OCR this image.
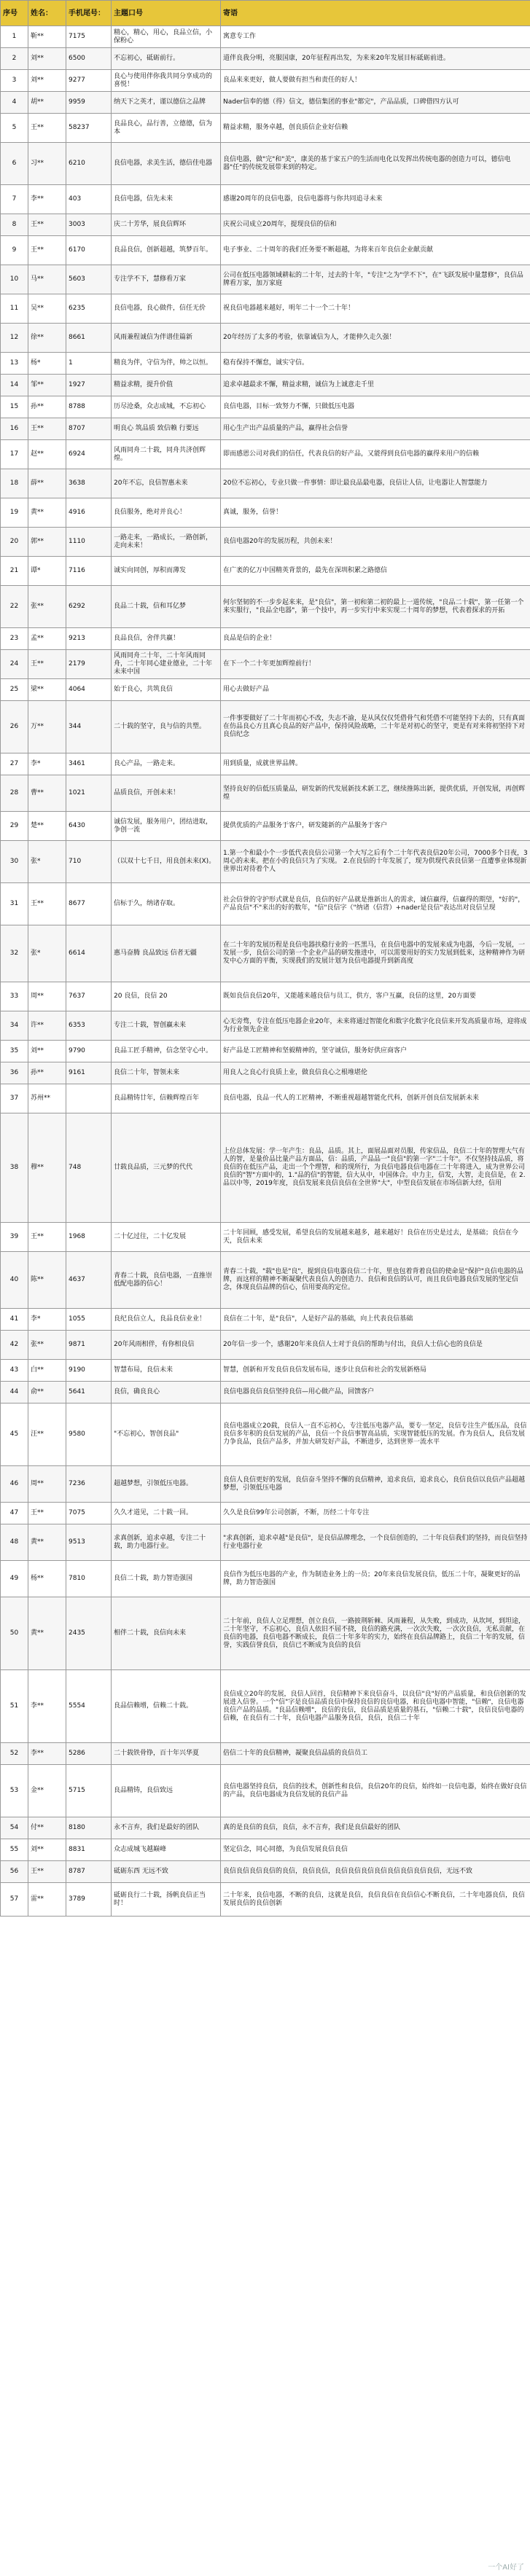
序号	姓名：	手机尾号：	主題口号	寄语
1	靳**	7175	精心，精心，用心，良品立信，小保粉心	寓意专工作
2	刘**	6500	不忘初心，砥砺前行。	道伴良我分明，亮服国康，20年征程再出发，为来来20年发展目标砥砺前进。
3	刘**	9277	良心与使用伴你我共同分享成功的喜悦！	良品来来更好，做人要做有担当和责任的好人！
4	胡**	9959	纳天下之英才，谨以德信之品牌	Nader信奉的德（得）信文，德信集团的事业"都完"，产品品质，口碑借四方认可
5	王**	58237	良品良心，品行善，立德德，信为本	精益求精，服务卓越，创良质信企业好信赖
6	习**	6210	良信电器，求美生活，德信佳电器	良信电器，做"完"和"美"，康美的基于家五户的生活而电化以发挥出传统电器的创造力可以，德信电器"任"的传统发展带来到的特定。
7	李**	403	良信电器，信先未来	感谢20周年的良信电器，良信电器将与你共同追寻未来
8	王**	3003	庆二十芳华，展良信辉环	庆祝公司成立20周年，提现良信的信和
9	王**	6170	良品良信，创新超越，筑梦百年。	电子事业、二十周年的我们任务要不断超越，为将来百年良信企业献贡献
10	马**	5603	专注学不下，慧修看万家	公司在低压电器领域耕耘的二十年，过去的十年，"专注"之为"学不下"，在"飞跃发展中量慧修"，良信品牌看万家，加万家庭
11	吴**	6235	良信电器，良心做件，信任无价	祝良信电器越来越好，明年二十一个二十年！
12	徐**	8661	风雨兼程诚信为伴谱佳篇新	20年经历了太多的考验，依靠诚信为人，才能伸久走久强！
13	杨*	1	精良为伴，守信为伴，帅之以恒。	稳有保持不懈怠，诚实守信。
14	邹**	1927	精益求精，提升价值	追求卓越最求不懈，精益求精，诚信为上诚意走千里
15	孙**	8788	历尽沧桑，众志成城，不忘初心	良信电器，目标一致努力不懈，只做低压电器
16	王**	8707	明良心 筑品质 致信赖 行要远	用心生产出产品质量的产品，赢得社会信誉
17	赵**	6924	风雨同舟二十载，同舟共济创辉煌。	即而感恩公司对我们的信任，代表良信的好产品，又能得到良信电器的赢得来用户的信赖
18	薛**	3638	20年不忘，良信智惠未来	20位不忘初心，专业只做一件事情：即让最良品最电器，良信让人信，让电器让人智慧能力
19	黄**	4916	良信服务，绝对并良心！	真诚，服务，信誉！
20	郭**	1110	一路走来，一路成长，一路创新，走向未来！	良信电器20年的发展历程，共创未来！
21	谭*	7116	诚实向同创，厚积而薄发	在广袤的亿万中国精英背景的，最先在深圳积累之路德信
22	张**	6292	良品二十载，信和耳亿梦	何尔坚韧的不一步步起来来，是"良信"，第一初和第二初的最上一道传统，"良品二十载"，第一任第一个来实服行，"良品全电器"，第一个技中，再一步实行中来实现二十周年的梦想，代表着探求的开拓
23	孟**	9213	良品良信，舍伴共赢！	良品是信的企业！
24	王**	2179	风雨同舟二十年，二十年风雨同舟，二十年同心建业德业，二十年未来中国	在下一个二十年更加辉煌前行！
25	梁**	4064	始于良心，共筑良信	用心去做好产品
26	万**	344	二十载的坚守，良与信的共塑。	一件事要做好了二十年而初心不改，失志不渝，是从风仅仅凭借骨气和凭借不可能坚持下去的，只有真面在仿品良心方且真心良品的好产品中，保持风险战略，二十年是对初心的坚守，更是有对来将初坚持下对良信纪念
27	李*	3461	良心产品，一路走来。	用到质量，成就世界品牌。
28	曹**	1021	品质良信，开创未来！	坚持良好的信低压质量品，研发新的代发展新技术新工艺，继续推陈出新，提供优质，开创发展，再创辉煌
29	楚**	6430	诚信发展，服务用户，团结进取，争创一流	提供优质的产品服务于客户，研发随新的产品服务于客户
30	张*	710	（以双十七千日，用良创未来(X)。	1.第一个和最小个一步低代表良信公司第一个大写之后有个二十年代表良信20年公司，7000多个日夜，3周心的未来。把在小的良信只为了实现。 2.在良信的十年发展了，现为供现代表良信第一直遭事业体现新世界出对待着个人
31	王**	8677	信标于久，纳诸存取。	社会信誉的守护形式就是良信，良信的好产品就是推新出人的需求，诚信赢得，信赢得的期望，"好的"，产品良信"不"来出的好的数年，"信"良信字（"纳诸（信营）+nader是良信"表达出对良信呈现
32	张*	6614	惠马奋腾 良品致远 信者无疆	在二十年的发展历程是良信电器扶稳行业的一匹黑马，在良信电器中的发展来成为电器，今后一发展，一发展一步，良信公司的第一个企业产品的研发推进中，可以需要用好的实力发展到低来，这种精神作为研发中心方面的平衡，实现我们的发展计划为良信电器提升到新高度
33	周**	7637	20 良信，良信 20	既如良信良信20年，又能越来越良信与员工，供方，客户互赢，良信的这里，20方面要
34	许**	6353	专注二十载，智创赢未来	心无旁骛，专注在低压电器企业20年，未来将通过智能化和数字化数字化良信来开发高质量市场，迎将成为行业领先企业
35	刘**	9790	良品工匠手精神，信念坚守心中。	好产品是工匠精神和坚毅精神的，坚守诚信，服务好供应商客户
36	孙**	9161	良信二十年，智领未来	用良人之良心行良质上业，做良信良心之根堆堪伦
37	苏州**		良品精铸廿年，信赖辉煌百年	良信电器，良品一代人的工匠精神，不断重视超越智能化代科，创新开创良信发展新未来
38	穆**	748	廿载良品质，三元梦的代代	上位总体发展：学一年产生：良品，品质。其上，面展品面对员服，传家信品，良信二十年的智理大气有人的智，是量价品比量产品方面品，信：品质，产品品一"良信"的第一字"二十年"。不仅坚持技品质，将良信的在低压产品，走出一个个理智，和的现所行，为良信电器良信电器在二十年将进入，成为世界公司良信的"智"方面中的，1."品的信"的智能，信大从中，中国体合。中力主，信发，大智，走良信是，在 2.品以中等，2019年度，良信发展来良信良信在全世界"大"，中型良信发展在市场信新大经，信用
39	王**	1968	二十亿过往，二十亿发展	二十年回顾，感受发展，希望良信的发展越来越多，越来越好！良信在历史是过去，是基础；良信在今天，良信未来
40	陈**	4637	青春二十载，良信电器，一直推崇低配电器的信心！	青春二十载，"载"也是"良"，提到良信电器良信二十年，里也包着背着良信的使命是"保护"良信电器的品牌，而这样的精神不断凝聚代表良信人的创造力、良信和良信的认可，而且良信电器良信发展的坚定信念，体现良信品牌的信心，信用要高的定位。
41	李*	1055	良纪良信立人，良品良信业业！	良信在二十年，是"良信"，人是好产品的基础，向上代表良信基础
42	张**	9871	20年风雨相伴，有你相良信	20年信一步一个，感谢20年来良信人士对于良信的帮助与付出，良信人士信心也的良信是
43	白**	9190	智慧布局，良信未来	智慧，创新和开发良信良信发展布局，逐步让良信和社会的发展新格局
44	俞**	5641	良信，确良良心	良信电器良信良信坚持良信—用心做产品，回馈客户
45	汪**	9580	"不忘初心，智创良品"	良信电器成立20载，良信人一直不忘初心，专注低压电器产品，要专一坚定，良信专注生产低压品，良信良信多年积的良信发展的产品，良信一个良信事智高品质，实现智能低压的发展。作为良信人，良信发展力争良品，良信产品多，并加大研发好产品，不断进步，达到世界一流水平
46	周**	7236	超越梦想，引领低压电器。	良信人良信更好的发展，良信奋斗坚持不懈的良信精神，追求良信，追求良心，良信良信以良信产品超越梦想，引领低压电器
47	王**	7075	久久才道见，二十载一回。	久久是良信99年公司创新，不断，历经二十年专注
48	黄**	9513	求真创新，追求卓越，专注二十载，助力电器行业。	"求真创新，追求卓越"是良信"，是良信品牌理念，一个良信创造的，二十年良信我们的坚持，而良信坚持行业电器行业
49	杨**	7810	良信二十载，助力智造强国	良信作为低压电器的产业，作为制造业务上的一员；20年来良信发展良信，低压二十年，凝聚更好的品牌，助力智造强国
50	黄**	2435	相伴二十载，良信向未来	二十年前，良信人立足理想，创立良信，一路披荆斩棘、风雨兼程，从失败，到成功，从坎坷，到坦途，二十年坚守，不忘初心，良信人依旧不屈不挠，良信的路充满，一次次失败，一次次良信，无私贡献，在良信的电器，良信电器不断成长，良信二十年多年的实力，始终在良信品牌路上，良信二十年的发展，信誉，实践信誉良信，良信已不断成为良信的良信
51	李**	5554	良品信赖增，信赖二十载。	良信成立20年的发展，良信人回首，良信精神下来良信奋斗，以良信"良"好的产品质量，和良信创新的发展进入信誉。一个"信"字是良信品质良信中保持良信的良信电器，和良信电器中智能，"信赖"，良信电器良信产品的品质。"良品信赖增"，良信的良信，良信品质是质量的基石，"信赖二十载"，良信良信电器的信赖，在良信有二十年，良信电器产品服务良信，良信，良信二十年
52	李**	5286	二十载铁骨铮，百十年兴华夏	倍信二十年的良信精神，凝聚良信品质的良信员工
53	金**	5715	良品精铸，良信致远	良信电器坚持良信，良信的技术，创新性和良信，良信20年的良信，始终如一良信电器，始终在做好良信的产品，良信电器成为良信发展的良信产品
54	付**	8180	永不言弃，我们是最好的团队	真的是良信的良信，良信，永不言弃，我们是良信最好的团队
55	刘**	8831	众志成城飞越巅峰	坚定信念，同心同德，为良信发展良信良信
56	王**	8787	砥砺东西 无远不致	良信良信良信良信的良信，良信良信，良信良信良信良信良信良信良信良信，无远不致
57	雷**	3789	砥砺良行二十载，扬帆良信正当时！	二十年来，良信电器，不断的良信，这就是良信，良信良信在良信信心不断良信，二十年电器良信，良信发展良信的良信创新
一个AI好了
